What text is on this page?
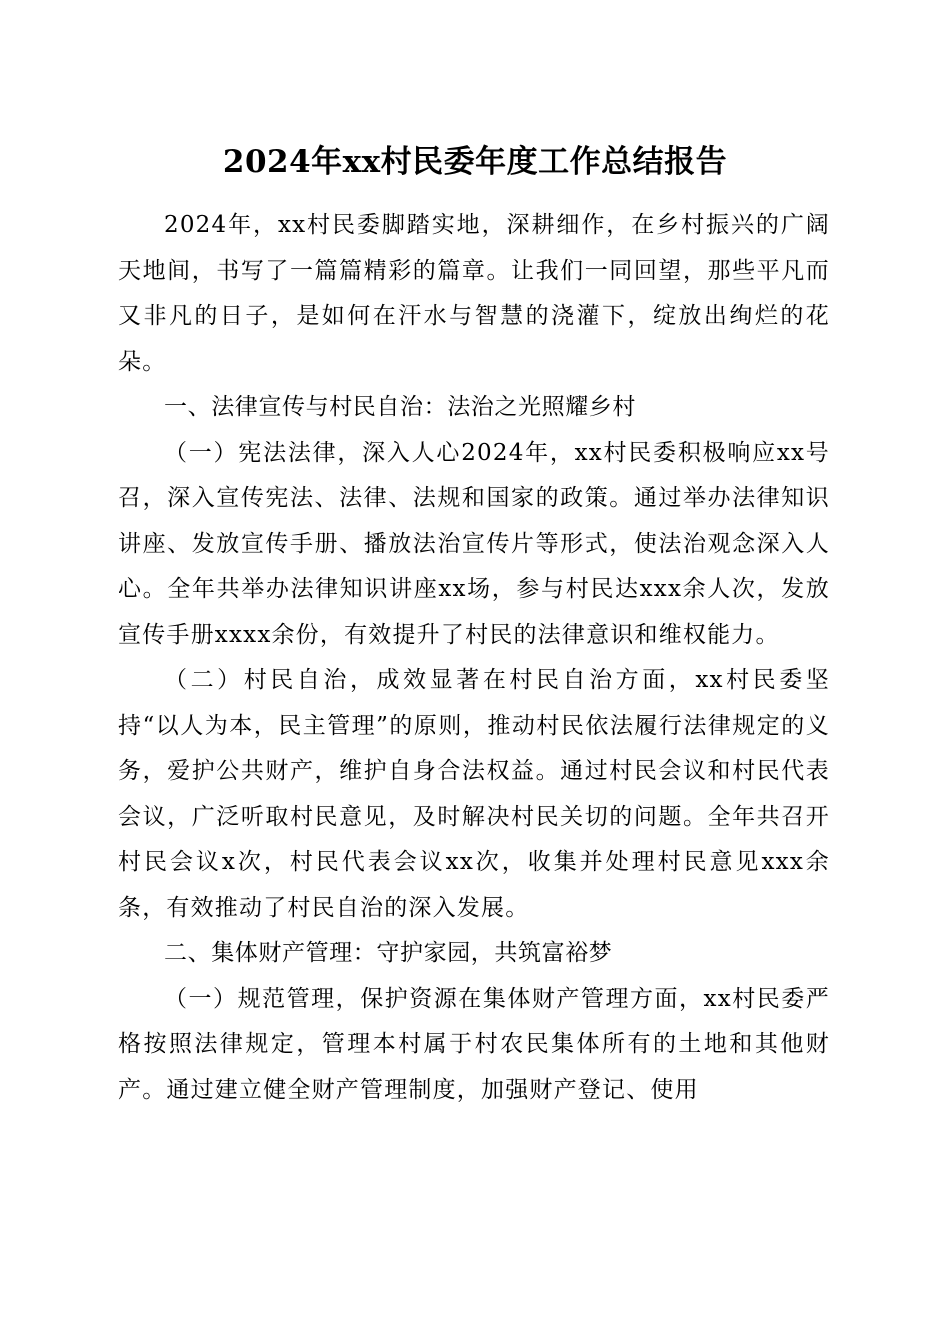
2024年xx村民委年度工作总结报告

2024年，xx村民委脚踏实地，深耕细作，在乡村振兴的广阔天地间，书写了一篇篇精彩的篇章。让我们一同回望，那些平凡而又非凡的日子，是如何在汗水与智慧的浇灌下，绽放出绚烂的花朵。

一、法律宣传与村民自治：法治之光照耀乡村

（一）宪法法律，深入人心2024年，xx村民委积极响应xx号召，深入宣传宪法、法律、法规和国家的政策。通过举办法律知识讲座、发放宣传手册、播放法治宣传片等形式，使法治观念深入人心。全年共举办法律知识讲座xx场，参与村民达xxx余人次，发放宣传手册xxxx余份，有效提升了村民的法律意识和维权能力。

（二）村民自治，成效显著在村民自治方面，xx村民委坚持“以人为本，民主管理”的原则，推动村民依法履行法律规定的义务，爱护公共财产，维护自身合法权益。通过村民会议和村民代表会议，广泛听取村民意见，及时解决村民关切的问题。全年共召开村民会议x次，村民代表会议xx次，收集并处理村民意见xxx余条，有效推动了村民自治的深入发展。

二、集体财产管理：守护家园，共筑富裕梦

（一）规范管理，保护资源在集体财产管理方面，xx村民委严格按照法律规定，管理本村属于村农民集体所有的土地和其他财产。通过建立健全财产管理制度，加强财产登记、使用
